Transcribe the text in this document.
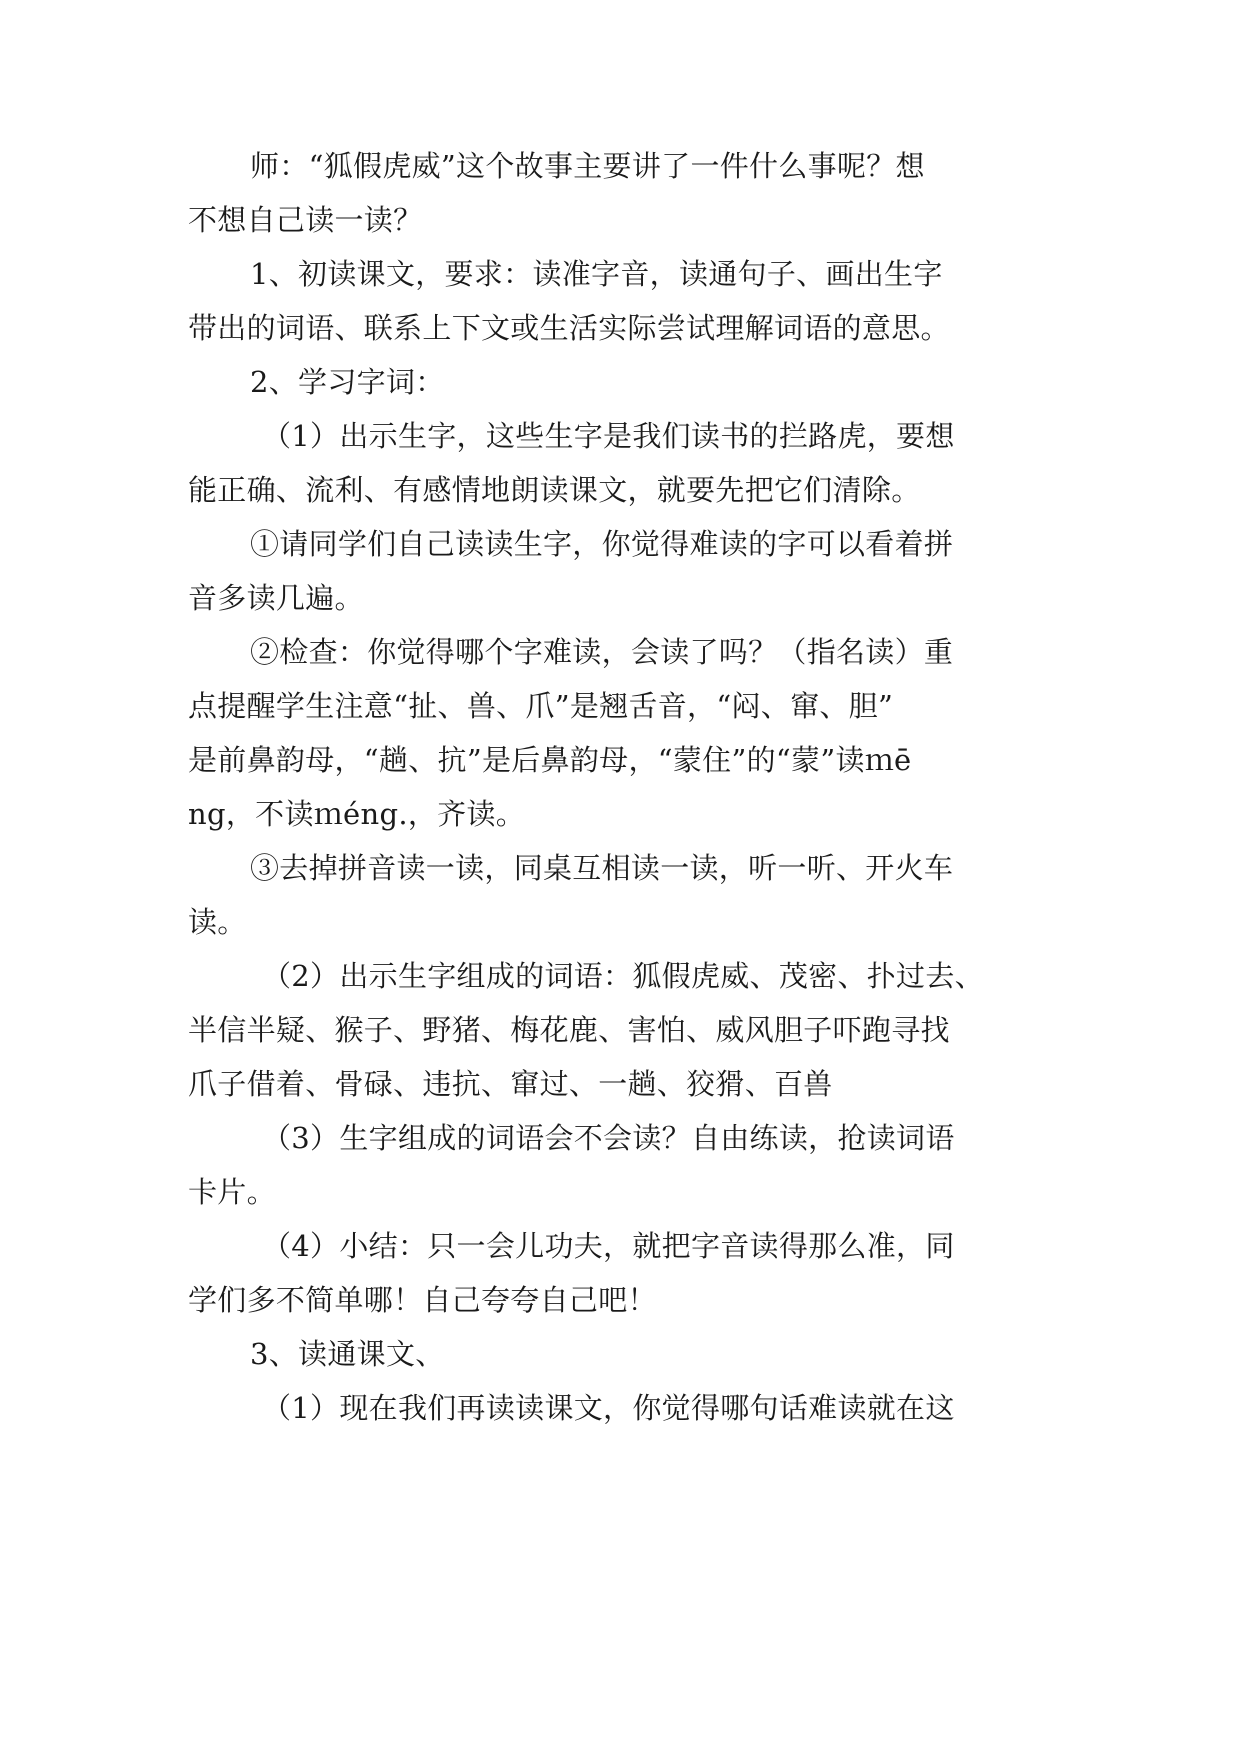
师：“狐假虎威”这个故事主要讲了一件什么事呢？想
不想自己读一读？
1、初读课文，要求：读准字音，读通句子、画出生字
带出的词语、联系上下文或生活实际尝试理解词语的意思。
2、学习字词：
（1）出示生字，这些生字是我们读书的拦路虎，要想
能正确、流利、有感情地朗读课文，就要先把它们清除。
①请同学们自己读读生字，你觉得难读的字可以看着拼
音多读几遍。
②检查：你觉得哪个字难读，会读了吗？（指名读）重
点提醒学生注意“扯、兽、爪”是翘舌音，“闷、窜、胆”
是前鼻韵母，“趟、抗”是后鼻韵母，“蒙住”的“蒙”读ｍē
ng，不读ｍéng.，齐读。
③去掉拼音读一读，同桌互相读一读，听一听、开火车
读。
（2）出示生字组成的词语：狐假虎威、茂密、扑过去、
半信半疑、猴子、野猪、梅花鹿、害怕、威风胆子吓跑寻找
爪子借着、骨碌、违抗、窜过、一趟、狡猾、百兽
（3）生字组成的词语会不会读？自由练读，抢读词语
卡片。
（4）小结：只一会儿功夫，就把字音读得那么准，同
学们多不简单哪！自己夸夸自己吧！
3、读通课文、
（1）现在我们再读读课文，你觉得哪句话难读就在这
